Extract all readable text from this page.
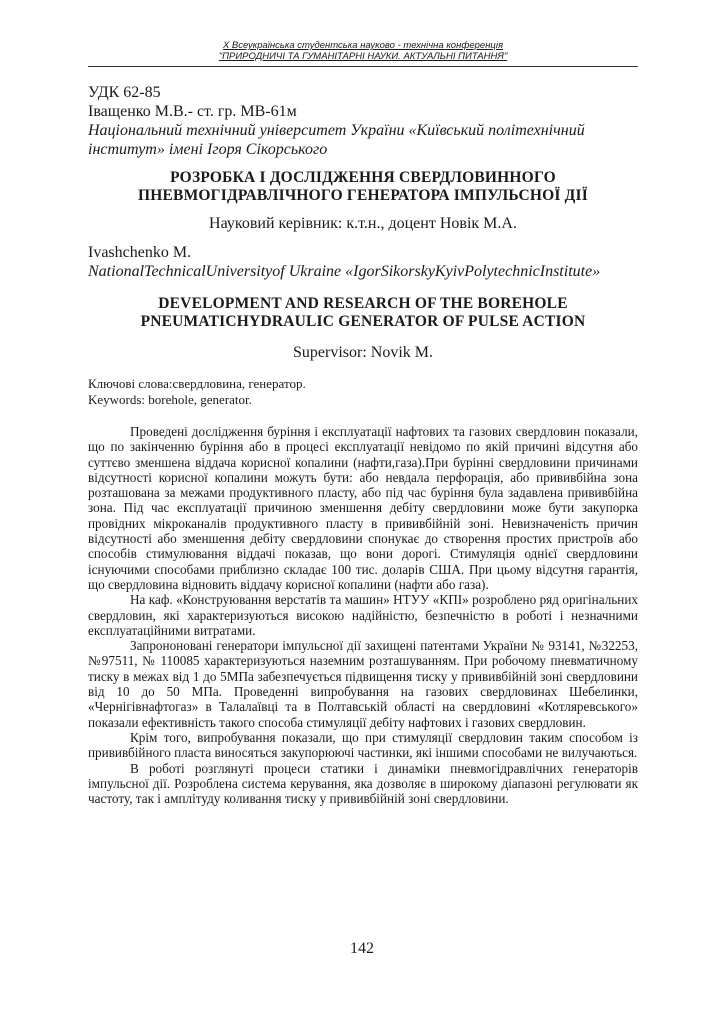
X Всеукраїнська студентська науково - технічна конференція
"ПРИРОДНИЧІ ТА ГУМАНІТАРНІ НАУКИ. АКТУАЛЬНІ ПИТАННЯ"
УДК 62-85
Іващенко М.В.- ст. гр. МВ-61м
Національний технічний університет України «Київський політехнічний
інститут» імені Ігоря Сікорського
РОЗРОБКА І ДОСЛІДЖЕННЯ СВЕРДЛОВИННОГО
ПНЕВМОГІДРАВЛІЧНОГО ГЕНЕРАТОРА ІМПУЛЬСНОЇ ДІЇ
Науковий керівник: к.т.н., доцент Новік М.А.
Ivashchenko M.
NationalTechnicalUniversityof Ukraine «IgorSikorskyKyivPolytechnicInstitute»
DEVELOPMENT AND RESEARCH OF THE BOREHOLE
PNEUMATICHYDRAULIC GENERATOR OF PULSE ACTION
Supervisor: Novik M.
Ключові слова:свердловина, генератор.
Keywords: borehole, generator.

Проведені дослідження буріння і експлуатації нафтових та газових свердловин показали, що по закінченню буріння або в процесі експлуатації невідомо по якій причині відсутня або суттєво зменшена віддача корисної копалини (нафти,газа).При бурінні свердловини причинами відсутності корисної копалини можуть бути: або невдала перфорація, або прививбійна зона розташована за межами продуктивного пласту, або під час буріння була задавлена прививбійна зона. Під час експлуатації причиною зменшення дебіту свердловини може бути закупорка провідних мікроканалів продуктивного пласту в прививбійній зоні. Невизначеність причин відсутності або зменшення дебіту свердловини спонукає до створення простих пристроїв або способів стимулювання віддачі показав, що вони дорогі. Стимуляція однієї свердловини існуючими способами приблизно складає 100 тис. доларів США. При цьому відсутня гарантія, що свердловина відновить віддачу корисної копалини (нафти або газа).

На каф. «Конструювання верстатів та машин» НТУУ «КПІ» розроблено ряд оригінальних свердловин, які характеризуються високою надійністю, безпечністю в роботі і незначними експлуатаційними витратами.

Запрононовані генератори імпульсної дії захищені патентами України № 93141, №32253, №97511, № 110085 характеризуються наземним розташуванням. При робочому пневматичному тиску в межах від 1 до 5МПа забезпечується підвищення тиску у прививбійній зоні свердловини від 10 до 50 МПа. Проведенні випробування на газових свердловинах Шебелинки, «Чернігівнафтогаз» в Талалаївці та в Полтавській області на свердловині «Котляревського» показали ефективність такого способа стимуляції дебіту нафтових і газових свердловин.

Крім того, випробування показали, що при стимуляції свердловин таким способом із прививбійного пласта виносяться закупорюючі частинки, які іншими способами не вилучаються.

В роботі розглянуті процеси статики і динаміки пневмогідравлічних генераторів імпульсної дії. Розроблена система керування, яка дозволяє в широкому діапазоні регулювати як частоту, так і амплітуду коливання тиску у прививбійній зоні свердловини.

142
